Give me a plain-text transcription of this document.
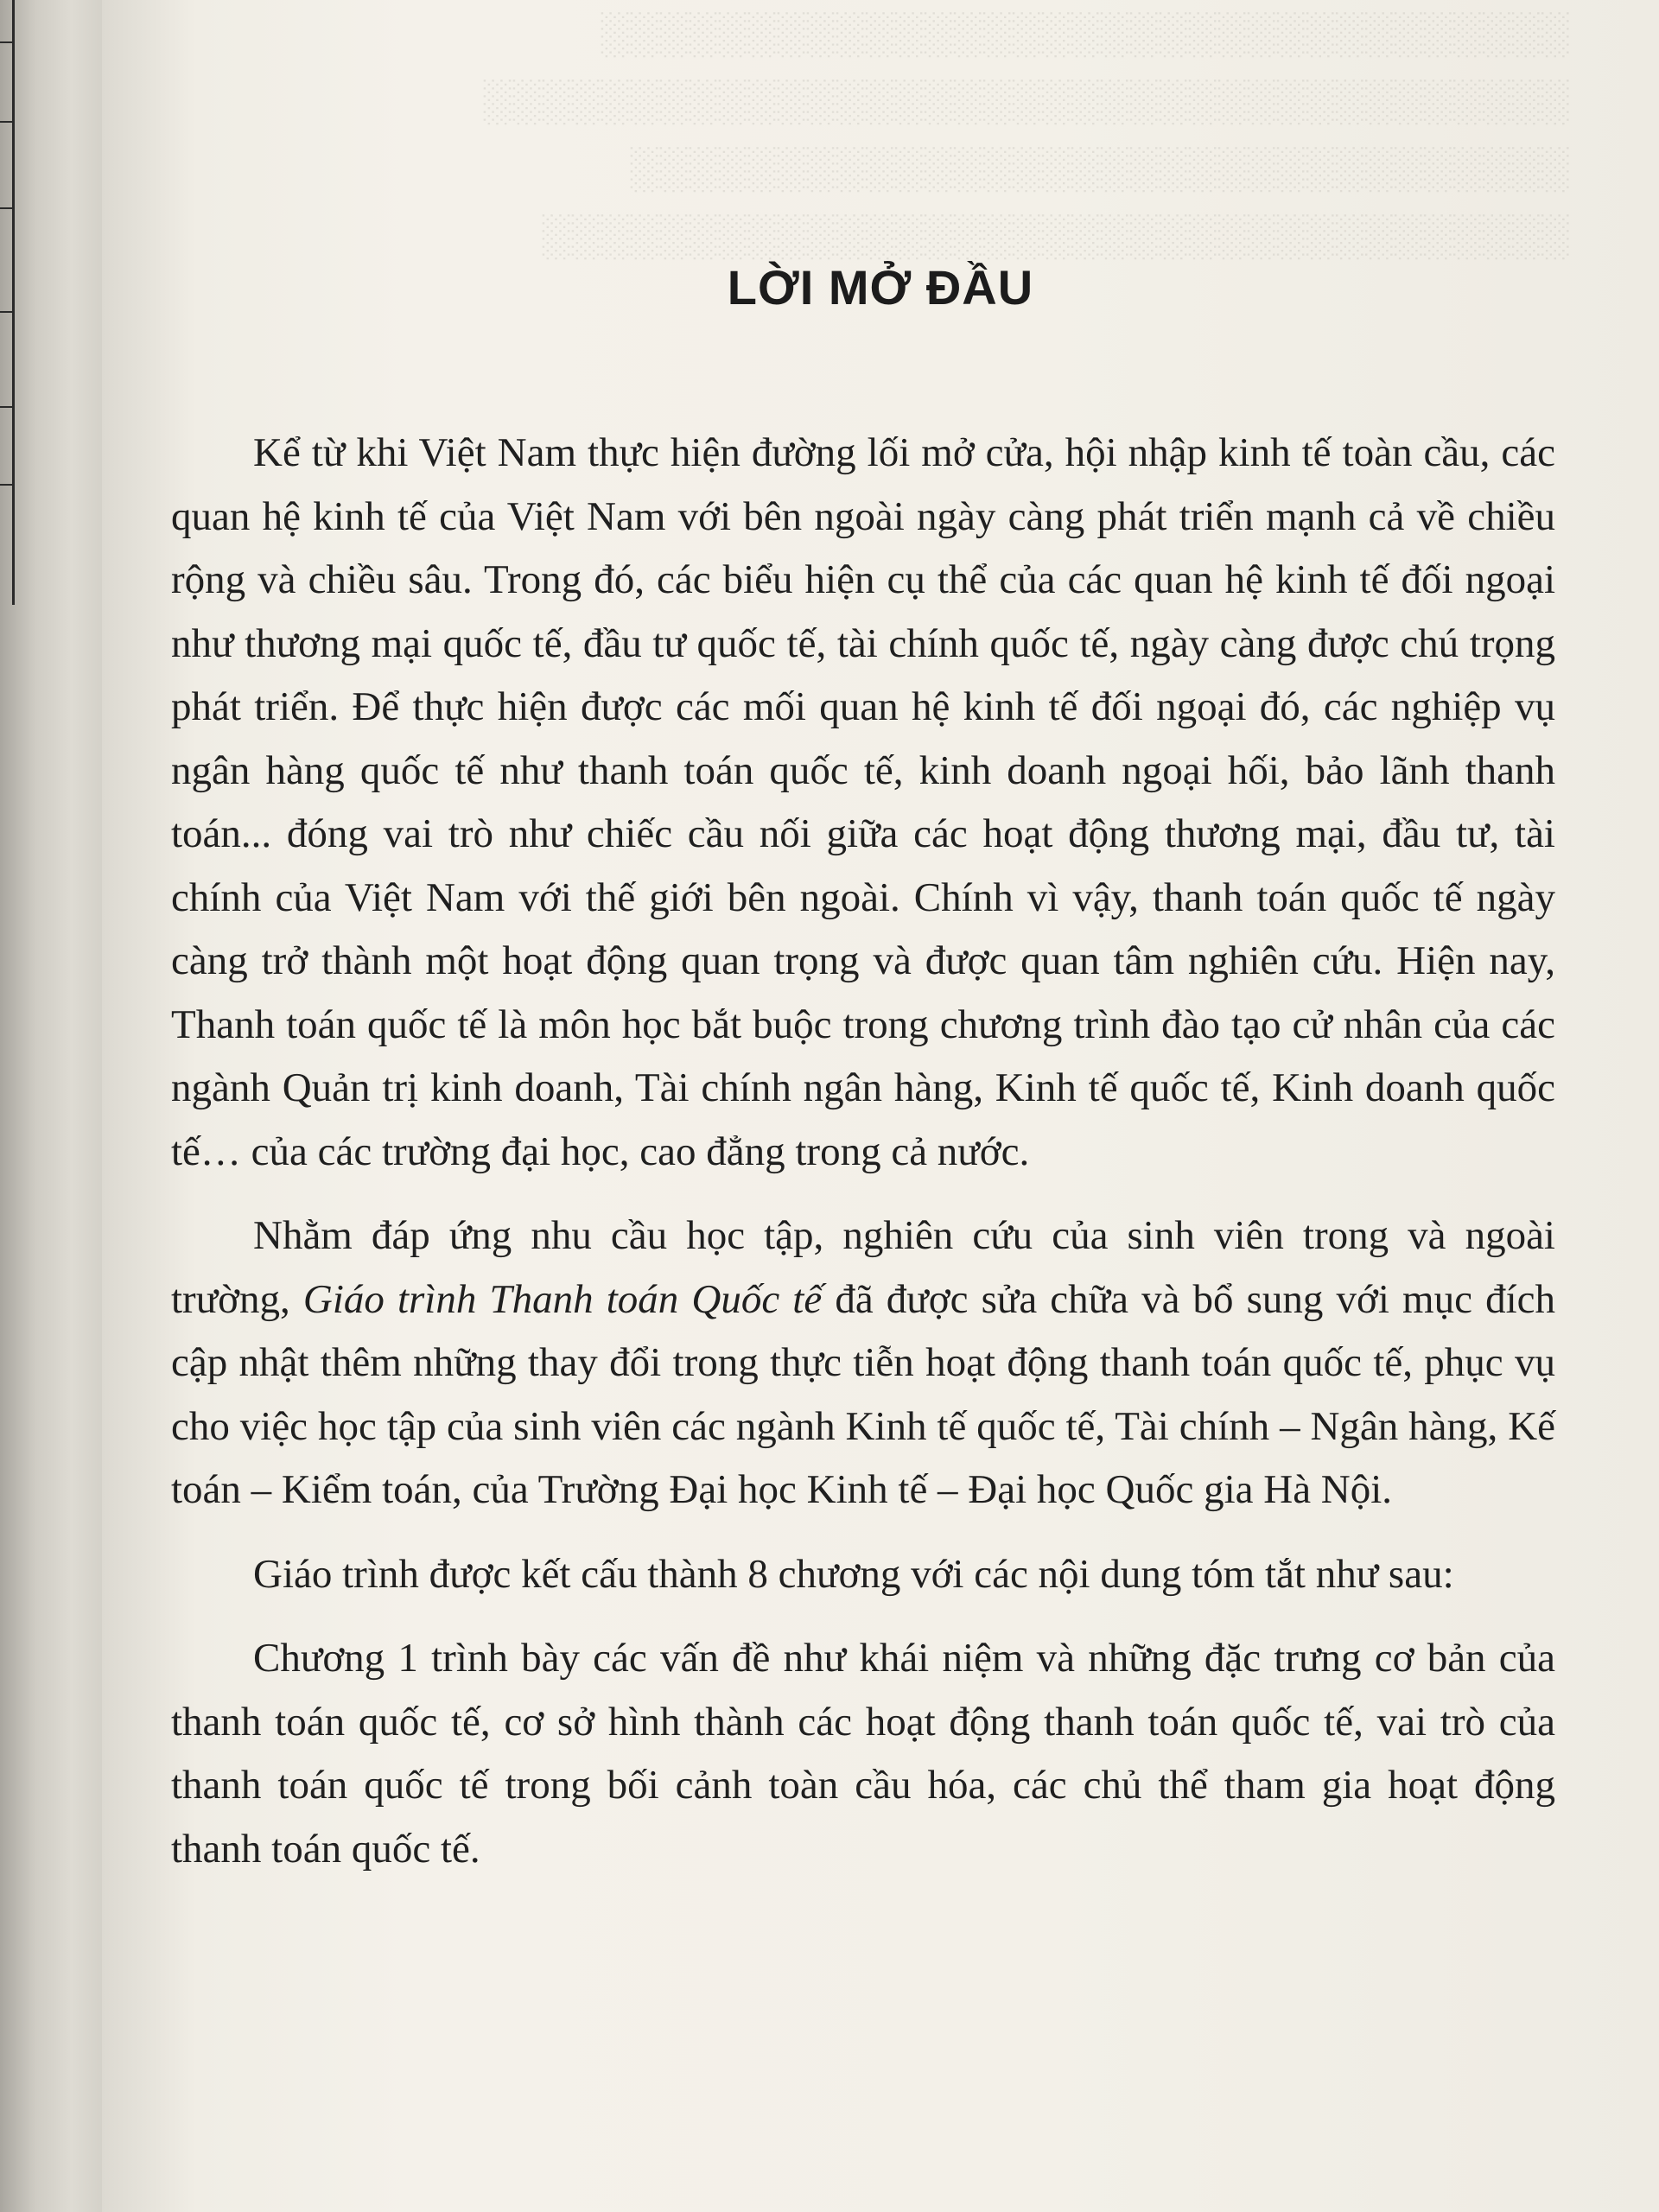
░░░░░░░░░░░░░░░░░░░░░░░░░░░░░░░░░
░░░░░░░░░░░░░░░░░░░░░░░░░░░░░░░░░░░░░
░░░░░░░░░░░░░░░░░░░░░░░░░░░░░░░░
░░░░░░░░░░░░░░░░░░░░░░░░░░░░░░░░░░░
LỜI MỞ ĐẦU

Kể từ khi Việt Nam thực hiện đường lối mở cửa, hội nhập kinh tế toàn cầu, các quan hệ kinh tế của Việt Nam với bên ngoài ngày càng phát triển mạnh cả về chiều rộng và chiều sâu. Trong đó, các biểu hiện cụ thể của các quan hệ kinh tế đối ngoại như thương mại quốc tế, đầu tư quốc tế, tài chính quốc tế, ngày càng được chú trọng phát triển. Để thực hiện được các mối quan hệ kinh tế đối ngoại đó, các nghiệp vụ ngân hàng quốc tế như thanh toán quốc tế, kinh doanh ngoại hối, bảo lãnh thanh toán... đóng vai trò như chiếc cầu nối giữa các hoạt động thương mại, đầu tư, tài chính của Việt Nam với thế giới bên ngoài. Chính vì vậy, thanh toán quốc tế ngày càng trở thành một hoạt động quan trọng và được quan tâm nghiên cứu. Hiện nay, Thanh toán quốc tế là môn học bắt buộc trong chương trình đào tạo cử nhân của các ngành Quản trị kinh doanh, Tài chính ngân hàng, Kinh tế quốc tế, Kinh doanh quốc tế… của các trường đại học, cao đẳng trong cả nước.

Nhằm đáp ứng nhu cầu học tập, nghiên cứu của sinh viên trong và ngoài trường, Giáo trình Thanh toán Quốc tế đã được sửa chữa và bổ sung với mục đích cập nhật thêm những thay đổi trong thực tiễn hoạt động thanh toán quốc tế, phục vụ cho việc học tập của sinh viên các ngành Kinh tế quốc tế, Tài chính – Ngân hàng, Kế toán – Kiểm toán, của Trường Đại học Kinh tế – Đại học Quốc gia Hà Nội.

Giáo trình được kết cấu thành 8 chương với các nội dung tóm tắt như sau:

Chương 1 trình bày các vấn đề như khái niệm và những đặc trưng cơ bản của thanh toán quốc tế, cơ sở hình thành các hoạt động thanh toán quốc tế, vai trò của thanh toán quốc tế trong bối cảnh toàn cầu hóa, các chủ thể tham gia hoạt động thanh toán quốc tế.
